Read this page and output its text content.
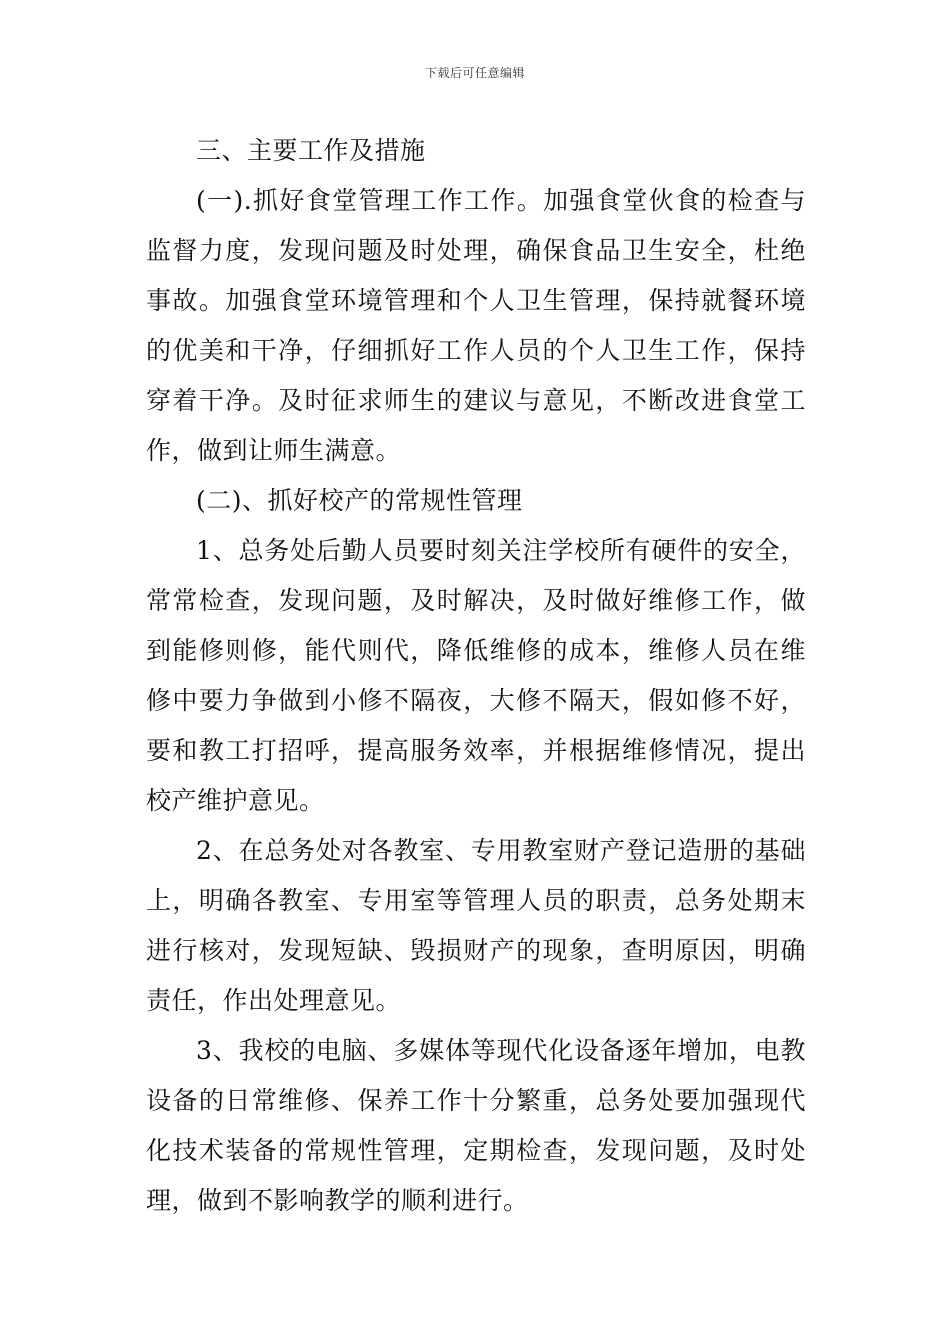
下载后可任意编辑

三、主要工作及措施

(一).抓好食堂管理工作工作。加强食堂伙食的检查与监督力度，发现问题及时处理，确保食品卫生安全，杜绝事故。加强食堂环境管理和个人卫生管理，保持就餐环境的优美和干净，仔细抓好工作人员的个人卫生工作，保持穿着干净。及时征求师生的建议与意见，不断改进食堂工作，做到让师生满意。

(二)、抓好校产的常规性管理

1、总务处后勤人员要时刻关注学校所有硬件的安全，常常检查，发现问题，及时解决，及时做好维修工作，做到能修则修，能代则代，降低维修的成本，维修人员在维修中要力争做到小修不隔夜，大修不隔天，假如修不好，要和教工打招呼，提高服务效率，并根据维修情况，提出校产维护意见。

2、在总务处对各教室、专用教室财产登记造册的基础上，明确各教室、专用室等管理人员的职责，总务处期末进行核对，发现短缺、毁损财产的现象，查明原因，明确责任，作出处理意见。

3、我校的电脑、多媒体等现代化设备逐年增加，电教设备的日常维修、保养工作十分繁重，总务处要加强现代化技术装备的常规性管理，定期检查，发现问题，及时处理，做到不影响教学的顺利进行。
